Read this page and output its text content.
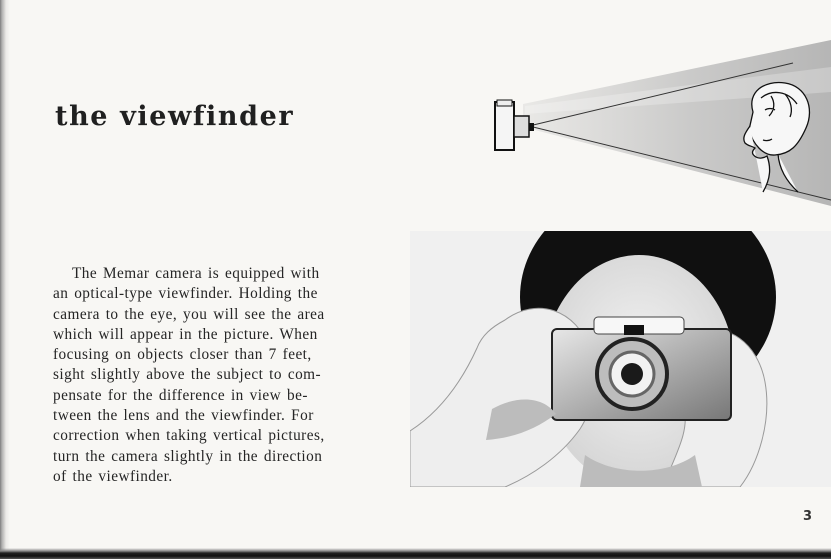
the viewfinder
The Memar camera is equipped with
an optical-type viewfinder. Holding the
camera to the eye, you will see the area
which will appear in the picture. When
focusing on objects closer than 7 feet,
sight slightly above the subject to com-
pensate for the difference in view be-
tween the lens and the viewfinder. For
correction when taking vertical pictures,
turn the camera slightly in the direction
of the viewfinder.
3
